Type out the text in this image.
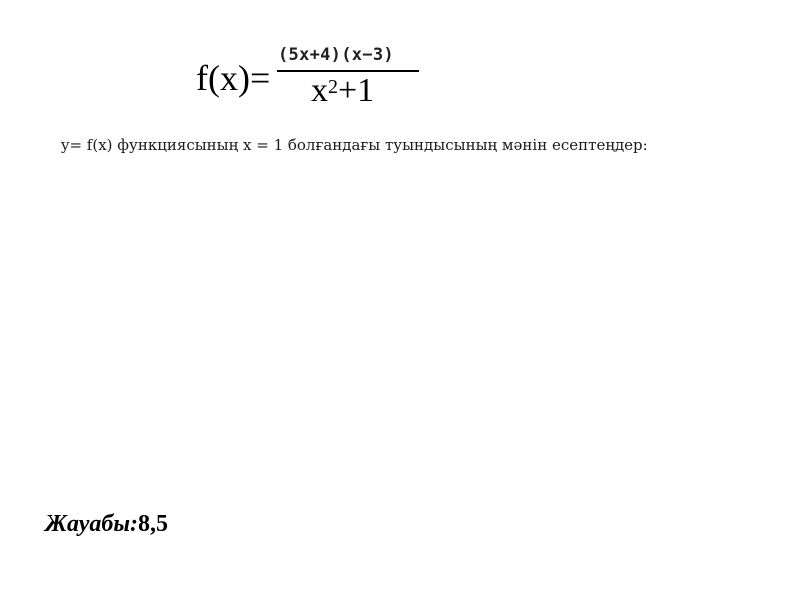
f(x)=
(5x+4)(x−3)
$x^2+1$
y= f(x) функциясының x = 1 болғандағы туындысының мәнін есептеңдер:
Жауабы:8,5
